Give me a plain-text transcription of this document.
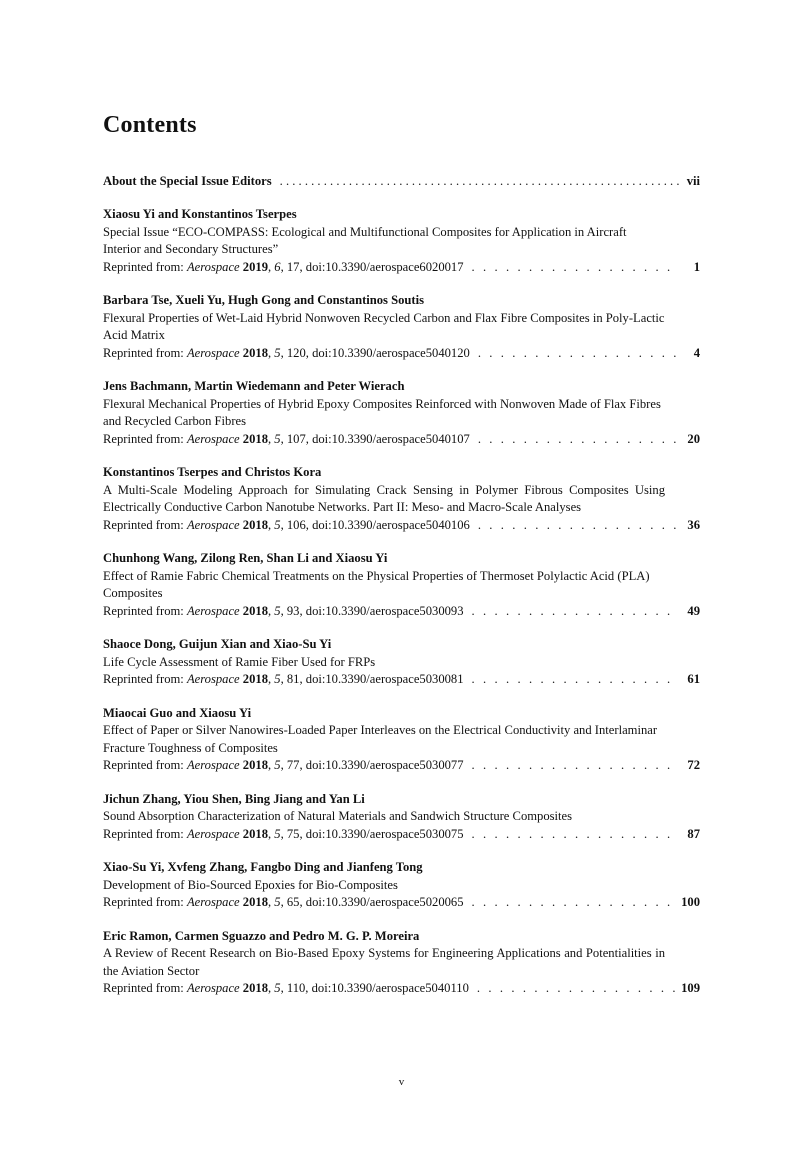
Contents
About the Special Issue Editors . . .	vii
Xiaosu Yi and Konstantinos Tserpes
Special Issue “ECO-COMPASS: Ecological and Multifunctional Composites for Application in Aircraft Interior and Secondary Structures”
Reprinted from: Aerospace 2019, 6, 17, doi:10.3390/aerospace6020017 . . .	1
Barbara Tse, Xueli Yu, Hugh Gong and Constantinos Soutis
Flexural Properties of Wet-Laid Hybrid Nonwoven Recycled Carbon and Flax Fibre Composites in Poly-Lactic Acid Matrix
Reprinted from: Aerospace 2018, 5, 120, doi:10.3390/aerospace5040120 . . .	4
Jens Bachmann, Martin Wiedemann and Peter Wierach
Flexural Mechanical Properties of Hybrid Epoxy Composites Reinforced with Nonwoven Made of Flax Fibres and Recycled Carbon Fibres
Reprinted from: Aerospace 2018, 5, 107, doi:10.3390/aerospace5040107 . . .	20
Konstantinos Tserpes and Christos Kora
A Multi-Scale Modeling Approach for Simulating Crack Sensing in Polymer Fibrous Composites Using Electrically Conductive Carbon Nanotube Networks. Part II: Meso- and Macro-Scale Analyses
Reprinted from: Aerospace 2018, 5, 106, doi:10.3390/aerospace5040106 . . .	36
Chunhong Wang, Zilong Ren, Shan Li and Xiaosu Yi
Effect of Ramie Fabric Chemical Treatments on the Physical Properties of Thermoset Polylactic Acid (PLA) Composites
Reprinted from: Aerospace 2018, 5, 93, doi:10.3390/aerospace5030093 . . .	49
Shaoce Dong, Guijun Xian and Xiao-Su Yi
Life Cycle Assessment of Ramie Fiber Used for FRPs
Reprinted from: Aerospace 2018, 5, 81, doi:10.3390/aerospace5030081 . . .	61
Miaocai Guo and Xiaosu Yi
Effect of Paper or Silver Nanowires-Loaded Paper Interleaves on the Electrical Conductivity and Interlaminar Fracture Toughness of Composites
Reprinted from: Aerospace 2018, 5, 77, doi:10.3390/aerospace5030077 . . .	72
Jichun Zhang, Yiou Shen, Bing Jiang and Yan Li
Sound Absorption Characterization of Natural Materials and Sandwich Structure Composites
Reprinted from: Aerospace 2018, 5, 75, doi:10.3390/aerospace5030075 . . .	87
Xiao-Su Yi, Xvfeng Zhang, Fangbo Ding and Jianfeng Tong
Development of Bio-Sourced Epoxies for Bio-Composites
Reprinted from: Aerospace 2018, 5, 65, doi:10.3390/aerospace5020065 . . .	100
Eric Ramon, Carmen Sguazzo and Pedro M. G. P. Moreira
A Review of Recent Research on Bio-Based Epoxy Systems for Engineering Applications and Potentialities in the Aviation Sector
Reprinted from: Aerospace 2018, 5, 110, doi:10.3390/aerospace5040110 . . .	109
v
